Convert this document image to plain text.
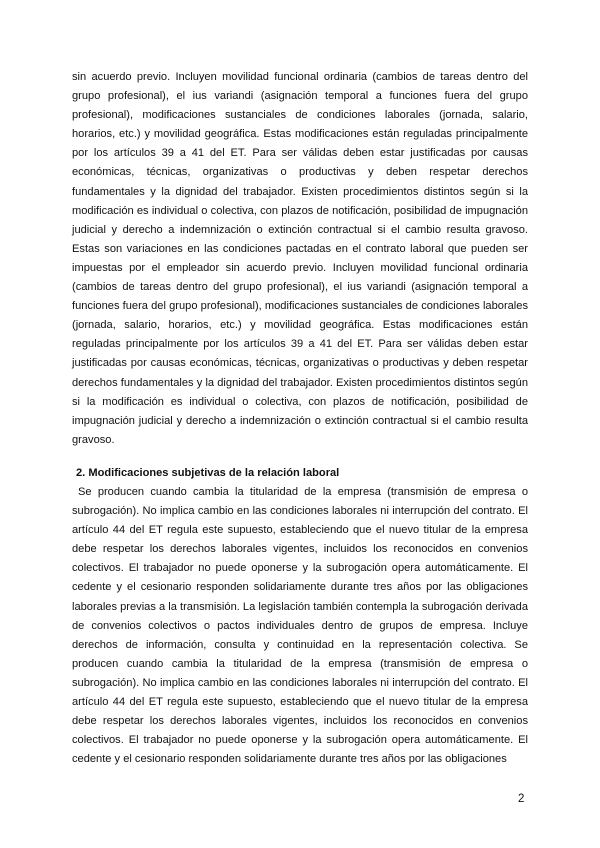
sin acuerdo previo. Incluyen movilidad funcional ordinaria (cambios de tareas dentro del grupo profesional), el ius variandi (asignación temporal a funciones fuera del grupo profesional), modificaciones sustanciales de condiciones laborales (jornada, salario, horarios, etc.) y movilidad geográfica. Estas modificaciones están reguladas principalmente por los artículos 39 a 41 del ET. Para ser válidas deben estar justificadas por causas económicas, técnicas, organizativas o productivas y deben respetar derechos fundamentales y la dignidad del trabajador. Existen procedimientos distintos según si la modificación es individual o colectiva, con plazos de notificación, posibilidad de impugnación judicial y derecho a indemnización o extinción contractual si el cambio resulta gravoso. Estas son variaciones en las condiciones pactadas en el contrato laboral que pueden ser impuestas por el empleador sin acuerdo previo. Incluyen movilidad funcional ordinaria (cambios de tareas dentro del grupo profesional), el ius variandi (asignación temporal a funciones fuera del grupo profesional), modificaciones sustanciales de condiciones laborales (jornada, salario, horarios, etc.) y movilidad geográfica. Estas modificaciones están reguladas principalmente por los artículos 39 a 41 del ET. Para ser válidas deben estar justificadas por causas económicas, técnicas, organizativas o productivas y deben respetar derechos fundamentales y la dignidad del trabajador. Existen procedimientos distintos según si la modificación es individual o colectiva, con plazos de notificación, posibilidad de impugnación judicial y derecho a indemnización o extinción contractual si el cambio resulta gravoso.

2. Modificaciones subjetivas de la relación laboral

Se producen cuando cambia la titularidad de la empresa (transmisión de empresa o subrogación). No implica cambio en las condiciones laborales ni interrupción del contrato. El artículo 44 del ET regula este supuesto, estableciendo que el nuevo titular de la empresa debe respetar los derechos laborales vigentes, incluidos los reconocidos en convenios colectivos. El trabajador no puede oponerse y la subrogación opera automáticamente. El cedente y el cesionario responden solidariamente durante tres años por las obligaciones laborales previas a la transmisión. La legislación también contempla la subrogación derivada de convenios colectivos o pactos individuales dentro de grupos de empresa. Incluye derechos de información, consulta y continuidad en la representación colectiva. Se producen cuando cambia la titularidad de la empresa (transmisión de empresa o subrogación). No implica cambio en las condiciones laborales ni interrupción del contrato. El artículo 44 del ET regula este supuesto, estableciendo que el nuevo titular de la empresa debe respetar los derechos laborales vigentes, incluidos los reconocidos en convenios colectivos. El trabajador no puede oponerse y la subrogación opera automáticamente. El cedente y el cesionario responden solidariamente durante tres años por las obligaciones

2
